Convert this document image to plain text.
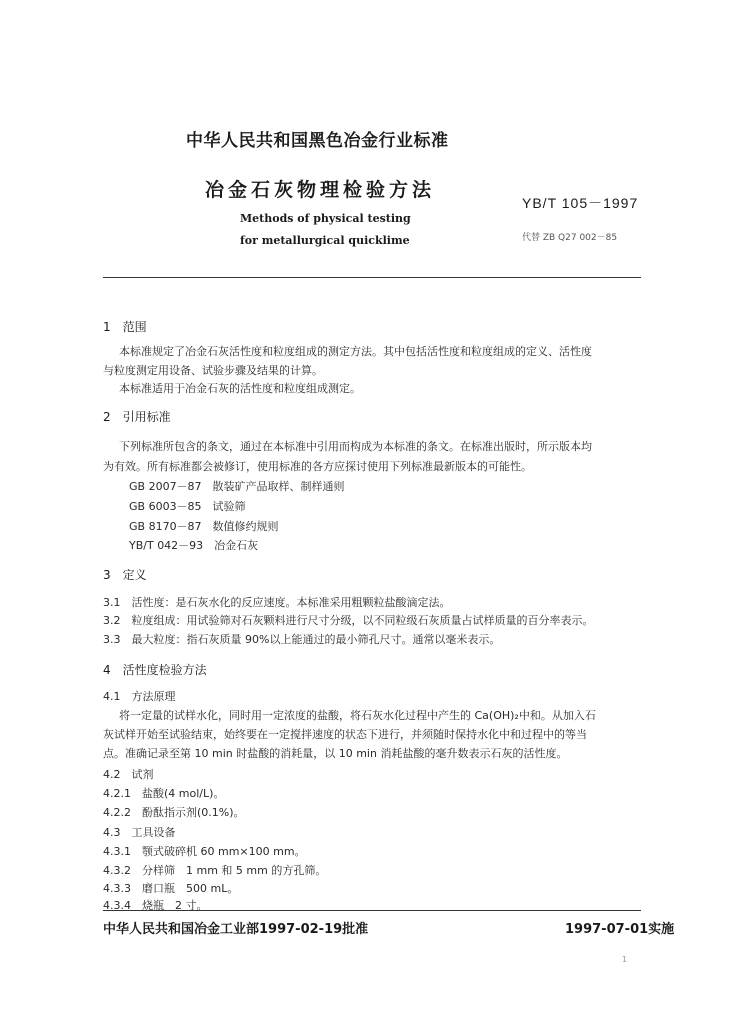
中华人民共和国黑色冶金行业标准
冶金石灰物理检验方法
Methods of physical testing
for metallurgical quicklime
YB/T 105－1997
代替 ZB Q27 002－85
1　范围
本标准规定了冶金石灰活性度和粒度组成的测定方法。其中包括活性度和粒度组成的定义、活性度
与粒度测定用设备、试验步骤及结果的计算。
本标准适用于冶金石灰的活性度和粒度组成测定。
2　引用标准
下列标准所包含的条文，通过在本标准中引用而构成为本标准的条文。在标准出版时，所示版本均
为有效。所有标准都会被修订，使用标准的各方应探讨使用下列标准最新版本的可能性。
GB 2007－87　散装矿产品取样、制样通则
GB 6003－85　试验筛
GB 8170－87　数值修约规则
YB/T 042－93　冶金石灰
3　定义
3.1　活性度：是石灰水化的反应速度。本标准采用粗颗粒盐酸滴定法。
3.2　粒度组成：用试验筛对石灰颗料进行尺寸分级，以不同粒级石灰质量占试样质量的百分率表示。
3.3　最大粒度：指石灰质量 90%以上能通过的最小筛孔尺寸。通常以毫米表示。
4　活性度检验方法
4.1　方法原理
将一定量的试样水化，同时用一定浓度的盐酸，将石灰水化过程中产生的 Ca(OH)₂中和。从加入石
灰试样开始至试验结束，始终要在一定搅拌速度的状态下进行，并须随时保持水化中和过程中的等当
点。准确记录至第 10 min 时盐酸的消耗量，以 10 min 消耗盐酸的毫升数表示石灰的活性度。
4.2　试剂
4.2.1　盐酸(4 mol/L)。
4.2.2　酚酞指示剂(0.1%)。
4.3　工具设备
4.3.1　颚式破碎机 60 mm×100 mm。
4.3.2　分样筛　1 mm 和 5 mm 的方孔筛。
4.3.3　磨口瓶　500 mL。
4.3.4　烧瓶　2 寸。
中华人民共和国冶金工业部1997-02-19批准	1997-07-01实施
1
